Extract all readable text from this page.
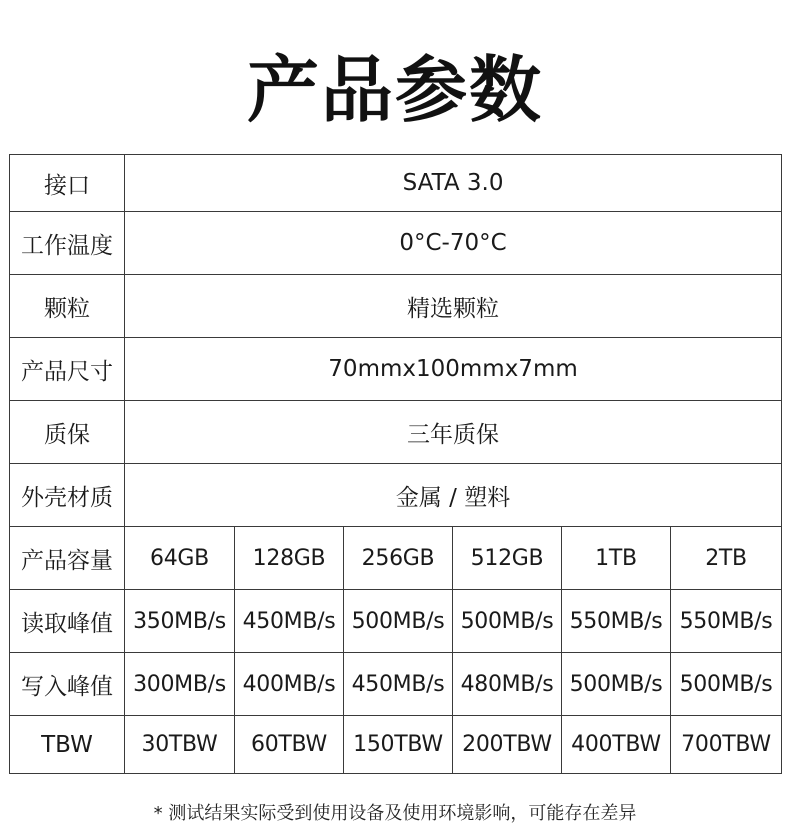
产品参数
接口	SATA 3.0					
工作温度	0°C-70°C					
颗粒	精选颗粒					
产品尺寸	70mmx100mmx7mm					
质保	三年质保					
外壳材质	金属 / 塑料					
产品容量	64GB	128GB	256GB	512GB	1TB	2TB
读取峰值	350MB/s	450MB/s	500MB/s	500MB/s	550MB/s	550MB/s
写入峰值	300MB/s	400MB/s	450MB/s	480MB/s	500MB/s	500MB/s
TBW	30TBW	60TBW	150TBW	200TBW	400TBW	700TBW
* 测试结果实际受到使用设备及使用环境影响，可能存在差异
